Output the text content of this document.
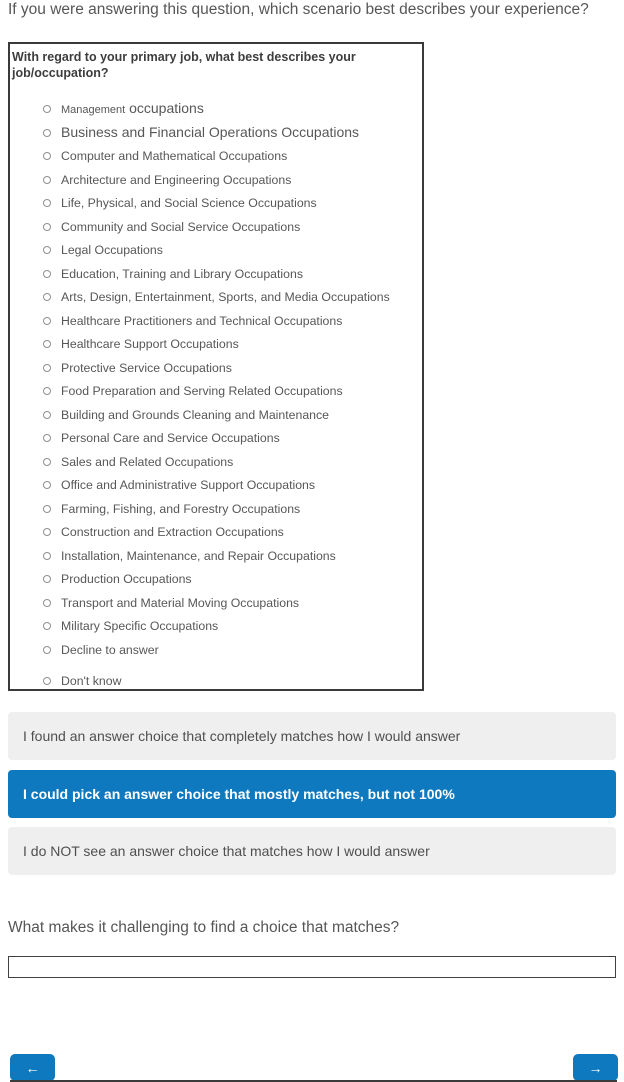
If you were answering this question, which scenario best describes your experience?
With regard to your primary job, what best describes your job/occupation?
Management occupations
Business and Financial Operations Occupations
Computer and Mathematical Occupations
Architecture and Engineering Occupations
Life, Physical, and Social Science Occupations
Community and Social Service Occupations
Legal Occupations
Education, Training and Library Occupations
Arts, Design, Entertainment, Sports, and Media Occupations
Healthcare Practitioners and Technical Occupations
Healthcare Support Occupations
Protective Service Occupations
Food Preparation and Serving Related Occupations
Building and Grounds Cleaning and Maintenance
Personal Care and Service Occupations
Sales and Related Occupations
Office and Administrative Support Occupations
Farming, Fishing, and Forestry Occupations
Construction and Extraction Occupations
Installation, Maintenance, and Repair Occupations
Production Occupations
Transport and Material Moving Occupations
Military Specific Occupations
Decline to answer
Don't know
I found an answer choice that completely matches how I would answer
I could pick an answer choice that mostly matches, but not 100%
I do NOT see an answer choice that matches how I would answer
What makes it challenging to find a choice that matches?
←	→
